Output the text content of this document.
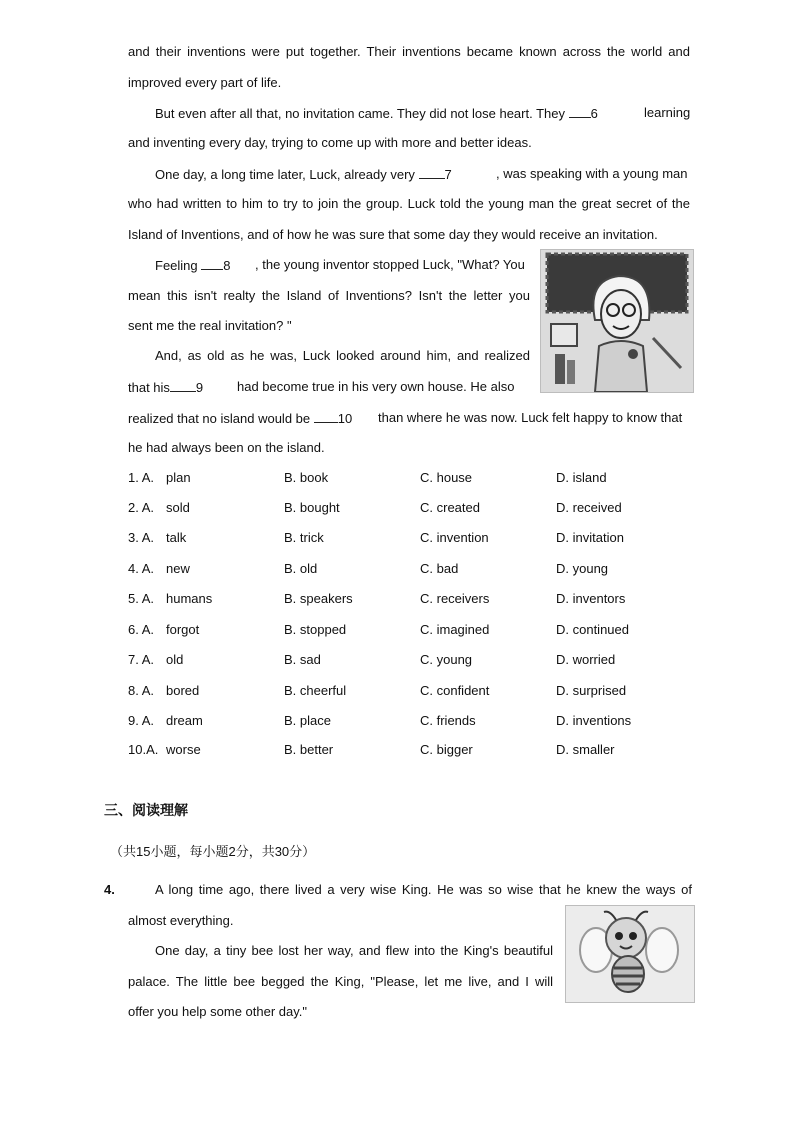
and their inventions were put together. Their inventions became known across the world and
improved every part of life.
But even after all that, no invitation came. They did not lose heart. They 6	learning
and inventing every day, trying to come up with more and better ideas.
One day, a long time later, Luck, already very 7	, was speaking with a young man
who had written to him to try to join the group. Luck told the young man the great secret of the
Island of Inventions, and of how he was sure that some day they would receive an invitation.
Feeling 8 , the young inventor stopped Luck, "What? You
mean this isn't realty the Island of Inventions? Isn't the letter you
sent me the real invitation? "
And, as old as he was, Luck looked around him, and realized
that his 9	had become true in his very own house. He also
realized that no island would be 10 than where he was now. Luck felt happy to know that
he had always been on the island.
1. A. plan	B. book	C. house	D. island
2. A. sold	B. bought	C. created	D. received
3. A. talk	B. trick	C. invention	D. invitation
4. A. new	B. old	C. bad	D. young
5. A. humans	B. speakers	C. receivers	D. inventors
6. A. forgot	B. stopped	C. imagined	D. continued
7. A. old	B. sad	C. young	D. worried
8. A. bored	B. cheerful	C. confident	D. surprised
9. A. dream	B. place	C. friends	D. inventions
10.A. worse	B. better	C. bigger	D. smaller
三、阅读理解
（共15小题，每小题2分，共30分）
4.	A long time ago, there lived a very wise King. He was so wise that he knew the ways of
almost everything.
One day, a tiny bee lost her way, and flew into the King's beautiful
palace. The little bee begged the King, "Please, let me live, and I will
offer you help some other day."
